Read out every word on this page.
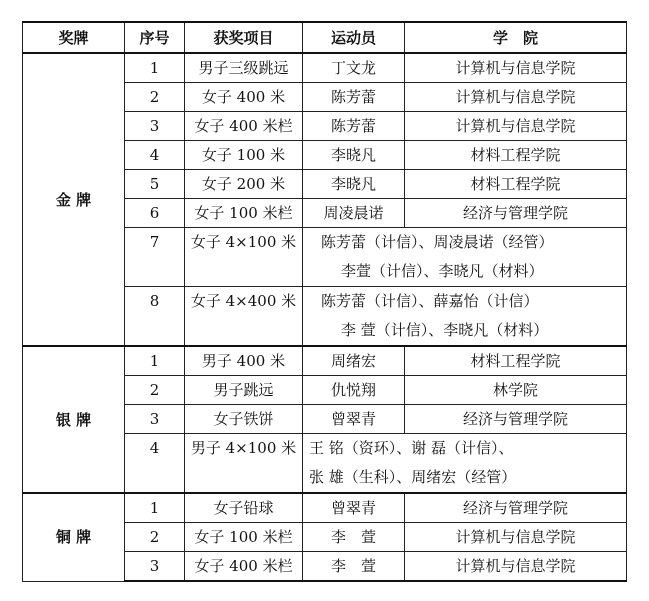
奖牌	序号	获奖项目	运动员	学　院
金 牌	1	男子三级跳远	丁文龙	计算机与信息学院
	2	女子 400 米	陈芳蕾	计算机与信息学院
	3	女子 400 米栏	陈芳蕾	计算机与信息学院
	4	女子 100 米	李晓凡	材料工程学院
	5	女子 200 米	李晓凡	材料工程学院
	6	女子 100 米栏	周凌晨诺	经济与管理学院
	7	女子 4×100 米	陈芳蕾（计信）、周凌晨诺（经管）
李萱（计信）、李晓凡（材料）	

	8	女子 4×400 米	陈芳蕾（计信）、薛嘉怡（计信）
李 萱（计信）、李晓凡（材料）	

银 牌	1	男子 400 米	周绪宏	材料工程学院
	2	男子跳远	仇悦翔	林学院
	3	女子铁饼	曾翠青	经济与管理学院
	4	男子 4×100 米	王 铭（资环）、谢 磊（计信）、
张 雄（生科）、周绪宏（经管）	

铜 牌	1	女子铅球	曾翠青	经济与管理学院
	2	女子 100 米栏	李　萱	计算机与信息学院
	3	女子 400 米栏	李　萱	计算机与信息学院
